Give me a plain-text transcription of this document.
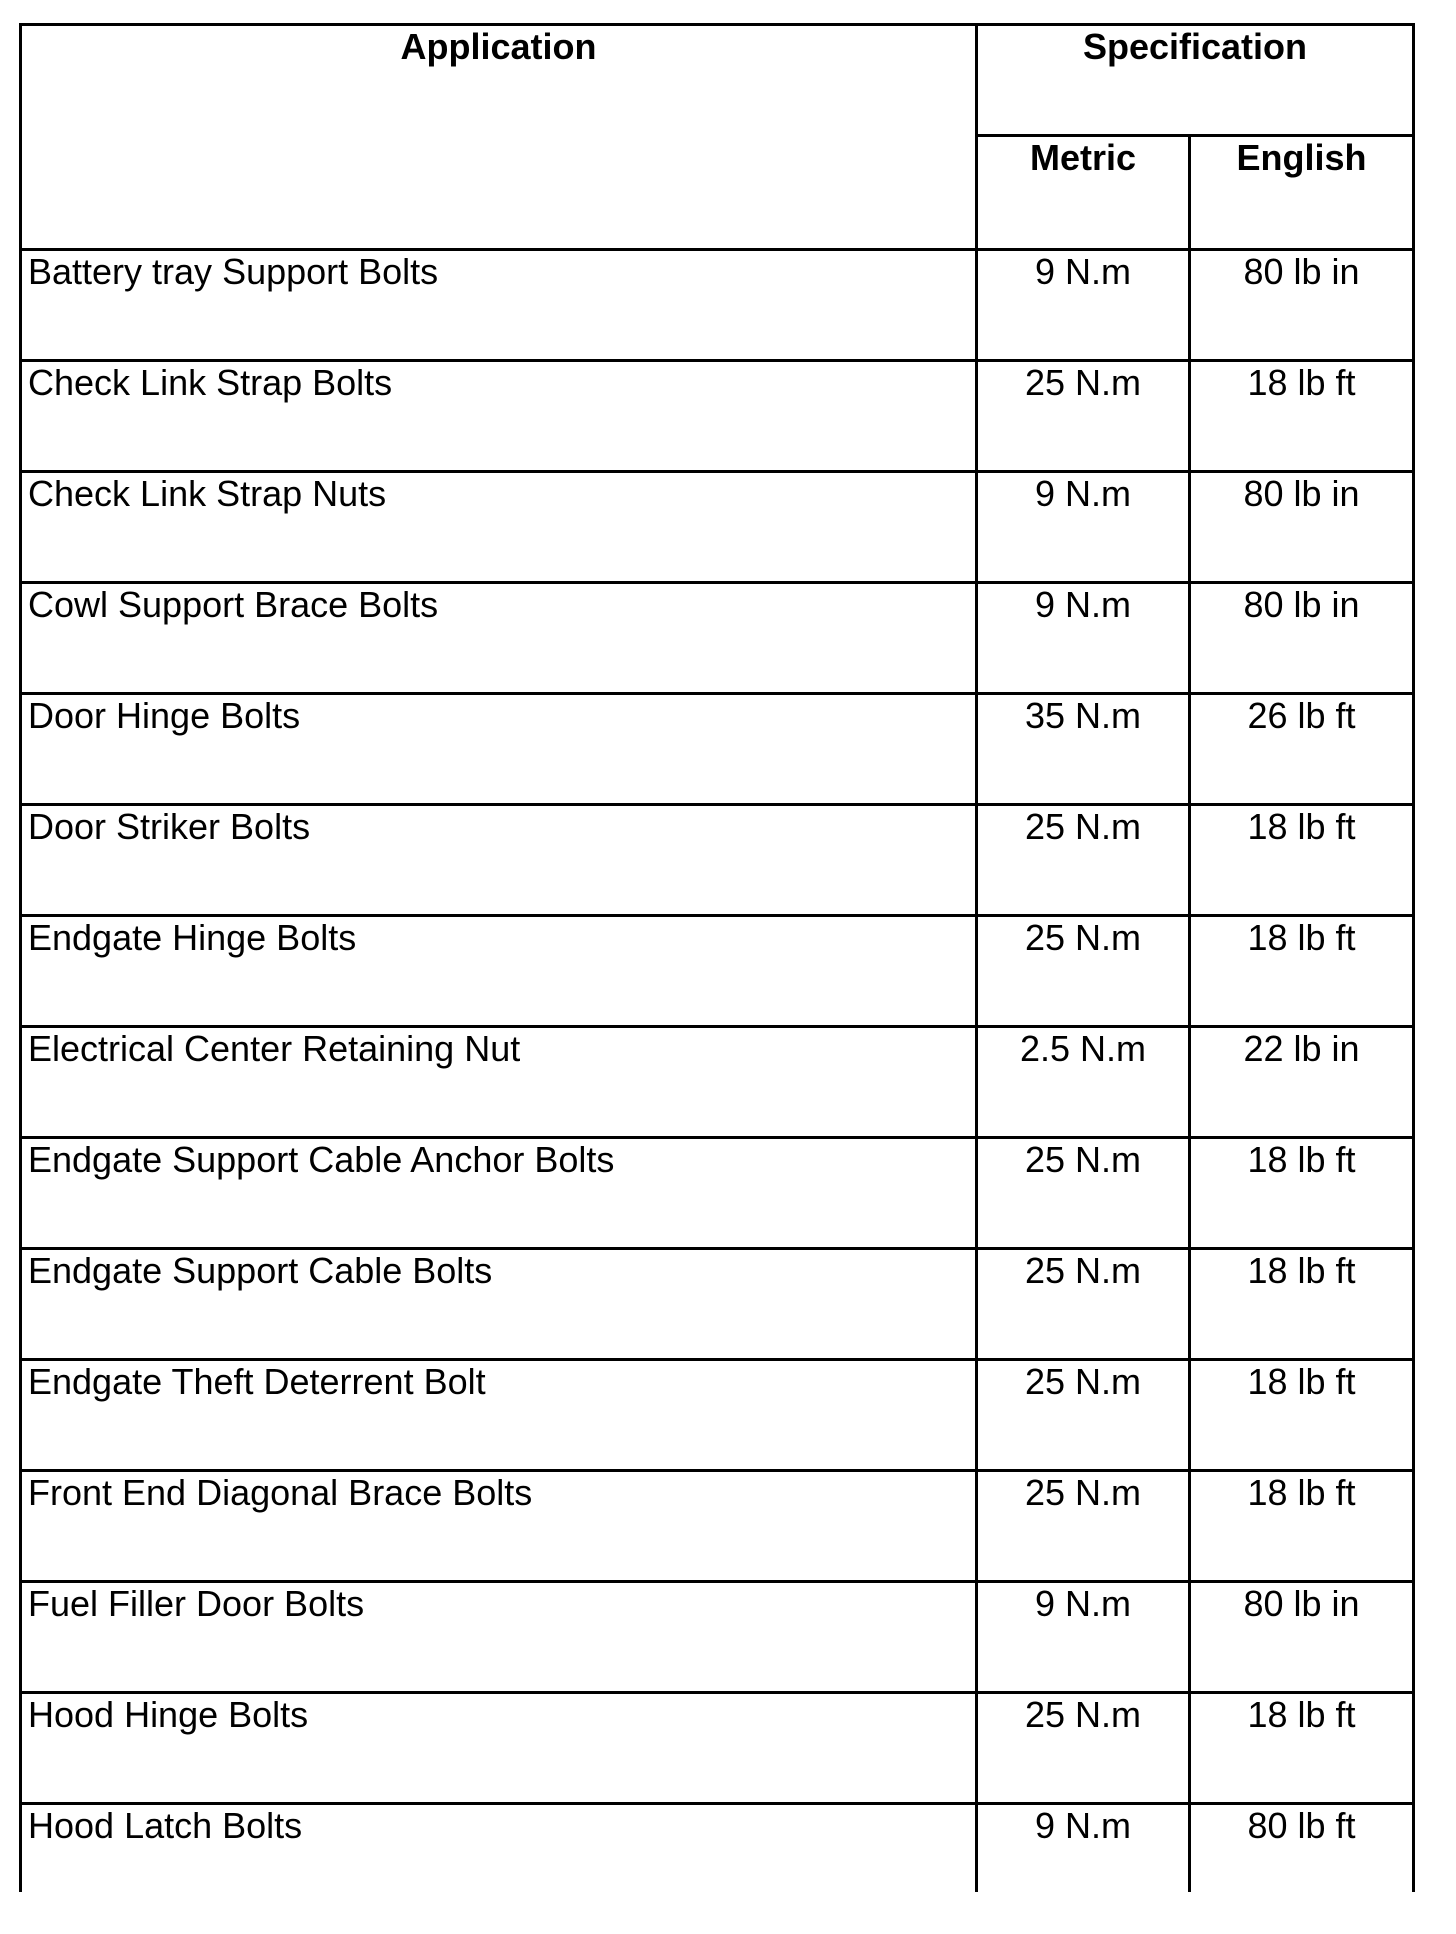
Application	Specification	
	Metric	English
Battery tray Support Bolts	9 N.m	80 lb in
Check Link Strap Bolts	25 N.m	18 lb ft
Check Link Strap Nuts	9 N.m	80 lb in
Cowl Support Brace Bolts	9 N.m	80 lb in
Door Hinge Bolts	35 N.m	26 lb ft
Door Striker Bolts	25 N.m	18 lb ft
Endgate Hinge Bolts	25 N.m	18 lb ft
Electrical Center Retaining Nut	2.5 N.m	22 lb in
Endgate Support Cable Anchor Bolts	25 N.m	18 lb ft
Endgate Support Cable Bolts	25 N.m	18 lb ft
Endgate Theft Deterrent Bolt	25 N.m	18 lb ft
Front End Diagonal Brace Bolts	25 N.m	18 lb ft
Fuel Filler Door Bolts	9 N.m	80 lb in
Hood Hinge Bolts	25 N.m	18 lb ft
Hood Latch Bolts	9 N.m	80 lb ft
